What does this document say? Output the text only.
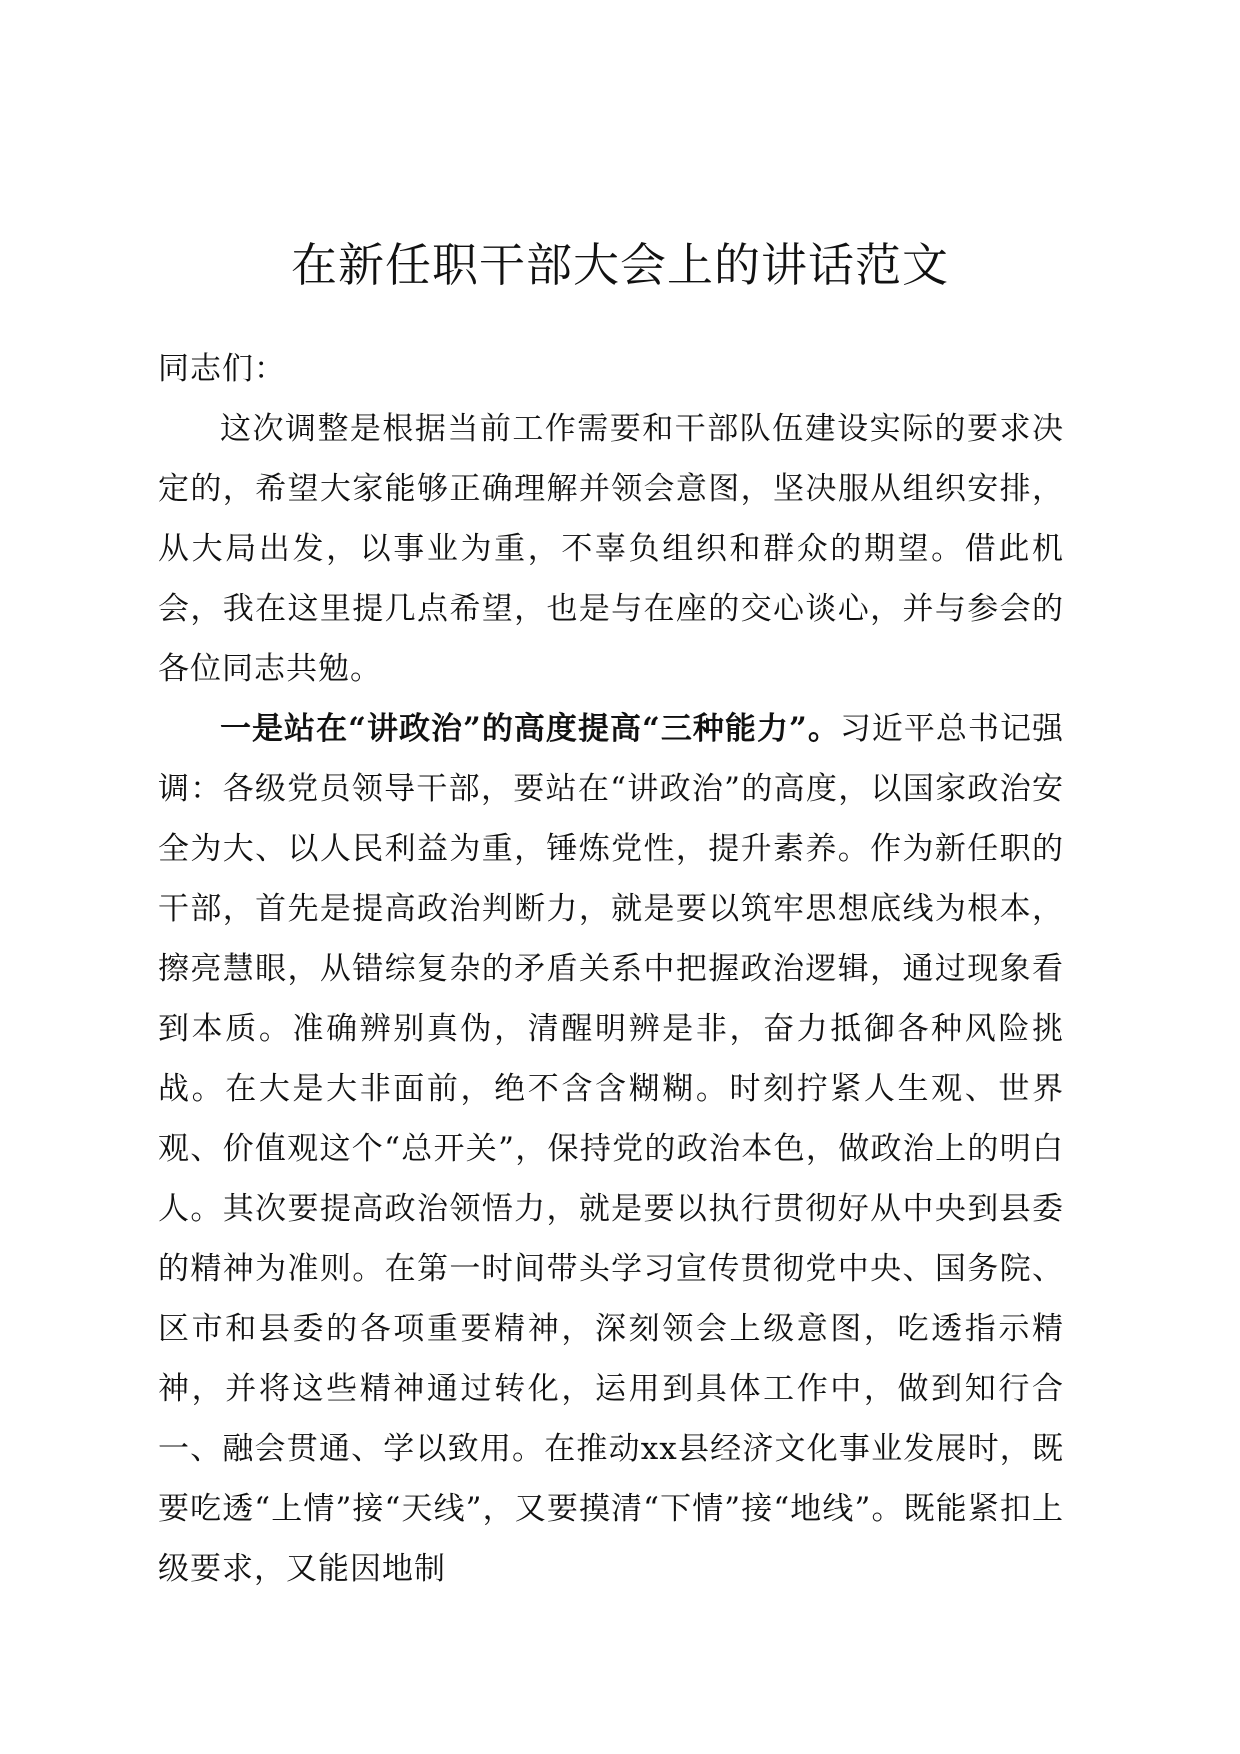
在新任职干部大会上的讲话范文

同志们：

这次调整是根据当前工作需要和干部队伍建设实际的要求决定的，希望大家能够正确理解并领会意图，坚决服从组织安排，从大局出发，以事业为重，不辜负组织和群众的期望。借此机会，我在这里提几点希望，也是与在座的交心谈心，并与参会的各位同志共勉。

一是站在“讲政治”的高度提高“三种能力”。习近平总书记强调：各级党员领导干部，要站在“讲政治”的高度，以国家政治安全为大、以人民利益为重，锤炼党性，提升素养。作为新任职的干部，首先是提高政治判断力，就是要以筑牢思想底线为根本，擦亮慧眼，从错综复杂的矛盾关系中把握政治逻辑，通过现象看到本质。准确辨别真伪，清醒明辨是非，奋力抵御各种风险挑战。在大是大非面前，绝不含含糊糊。时刻拧紧人生观、世界观、价值观这个“总开关”，保持党的政治本色，做政治上的明白人。其次要提高政治领悟力，就是要以执行贯彻好从中央到县委的精神为准则。在第一时间带头学习宣传贯彻党中央、国务院、区市和县委的各项重要精神，深刻领会上级意图，吃透指示精神，并将这些精神通过转化，运用到具体工作中，做到知行合一、融会贯通、学以致用。在推动xx县经济文化事业发展时，既要吃透“上情”接“天线”，又要摸清“下情”接“地线”。既能紧扣上级要求，又能因地制
